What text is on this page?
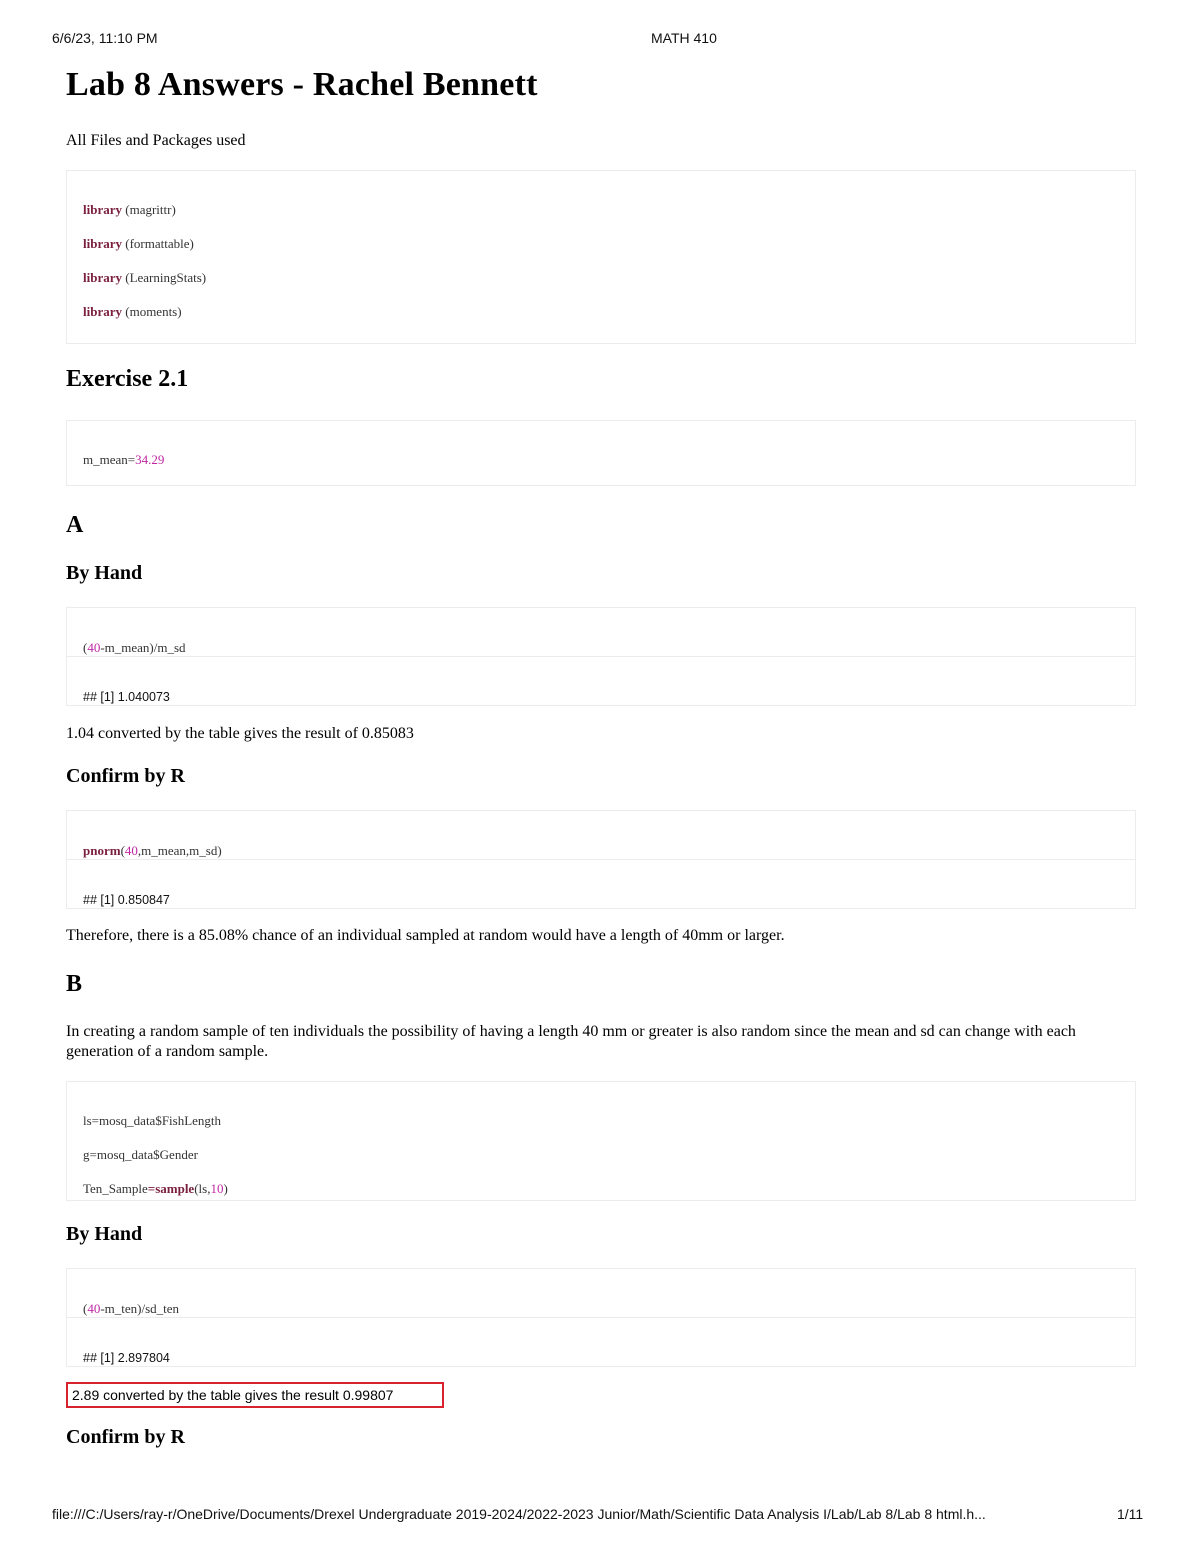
6/6/23, 11:10 PM	MATH 410
Lab 8 Answers - Rachel Bennett

All Files and Packages used

library (magrittr)

library (formattable)

library (LearningStats)

library (moments)

Exercise 2.1

m_mean=34.29

A
By Hand

(40-m_mean)/m_sd

## [1] 1.040073

1.04 converted by the table gives the result of 0.85083

Confirm by R

pnorm(40,m_mean,m_sd)

## [1] 0.850847

Therefore, there is a 85.08% chance of an individual sampled at random would have a length of 40mm or larger.

B

In creating a random sample of ten individuals the possibility of having a length 40 mm or greater is also random since the mean and sd can change with each generation of a random sample.

ls=mosq_data$FishLength

g=mosq_data$Gender

Ten_Sample=sample(ls,10)

By Hand

(40-m_ten)/sd_ten

## [1] 2.897804

2.89 converted by the table gives the result 0.99807
Confirm by R
file:///C:/Users/ray-r/OneDrive/Documents/Drexel Undergraduate 2019-2024/2022-2023 Junior/Math/Scientific Data Analysis I/Lab/Lab 8/Lab 8 html.h...	1/11
